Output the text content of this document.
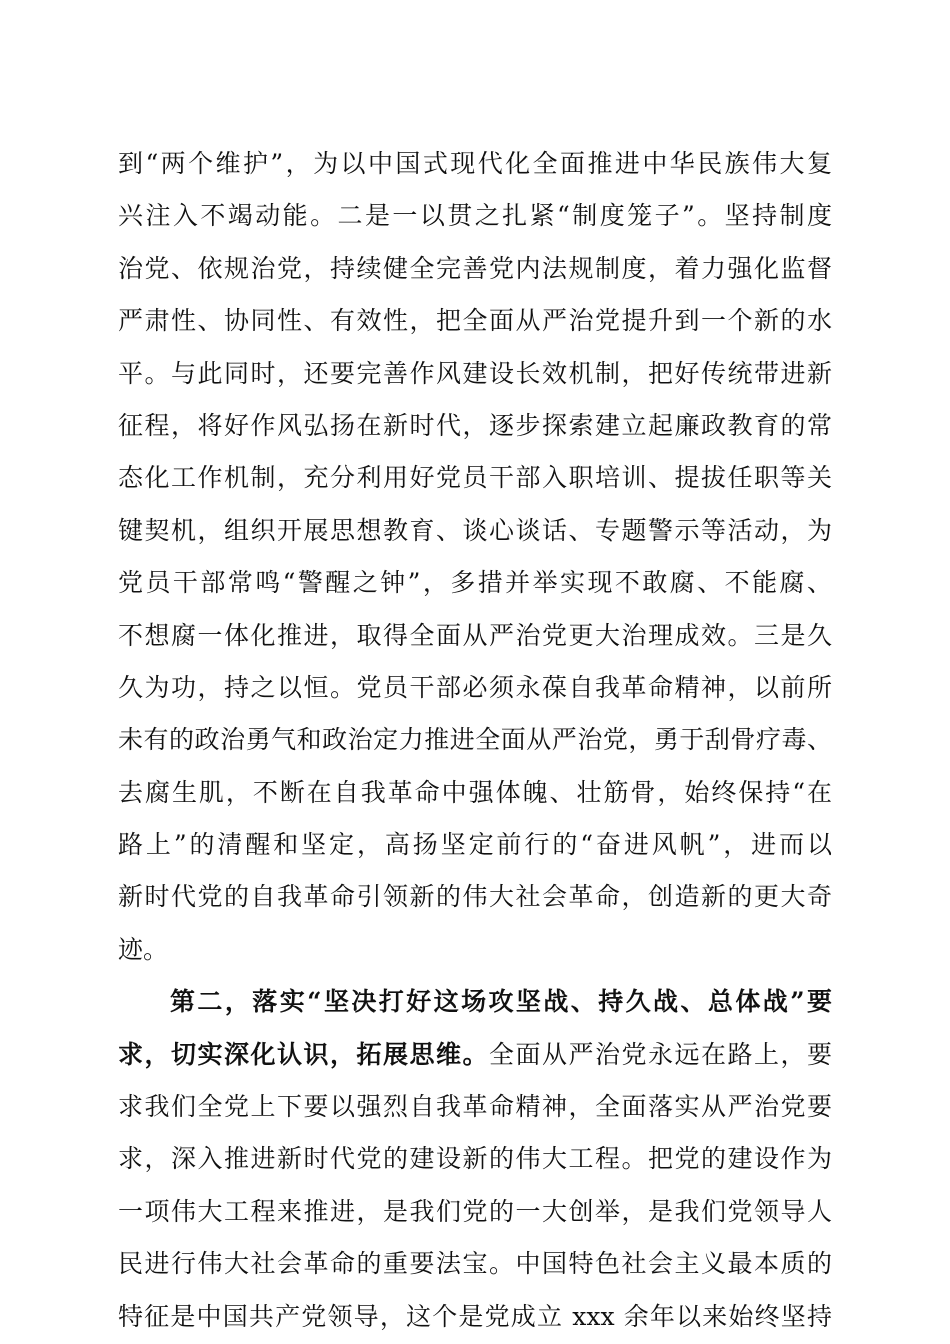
到“两个维护”，为以中国式现代化全面推进中华民族伟大复
兴注入不竭动能。二是一以贯之扎紧“制度笼子”。坚持制度
治党、依规治党，持续健全完善党内法规制度，着力强化监督
严肃性、协同性、有效性，把全面从严治党提升到一个新的水
平。与此同时，还要完善作风建设长效机制，把好传统带进新
征程，将好作风弘扬在新时代，逐步探索建立起廉政教育的常
态化工作机制，充分利用好党员干部入职培训、提拔任职等关
键契机，组织开展思想教育、谈心谈话、专题警示等活动，为
党员干部常鸣“警醒之钟”，多措并举实现不敢腐、不能腐、
不想腐一体化推进，取得全面从严治党更大治理成效。三是久
久为功，持之以恒。党员干部必须永葆自我革命精神，以前所
未有的政治勇气和政治定力推进全面从严治党，勇于刮骨疗毒、
去腐生肌，不断在自我革命中强体魄、壮筋骨，始终保持“在
路上”的清醒和坚定，高扬坚定前行的“奋进风帆”，进而以
新时代党的自我革命引领新的伟大社会革命，创造新的更大奇
迹。
第二，落实“坚决打好这场攻坚战、持久战、总体战”要
求，切实深化认识，拓展思维。全面从严治党永远在路上，要
求我们全党上下要以强烈自我革命精神，全面落实从严治党要
求，深入推进新时代党的建设新的伟大工程。把党的建设作为
一项伟大工程来推进，是我们党的一大创举，是我们党领导人
民进行伟大社会革命的重要法宝。中国特色社会主义最本质的
特征是中国共产党领导，这个是党成立 xxx 余年以来始终坚持
